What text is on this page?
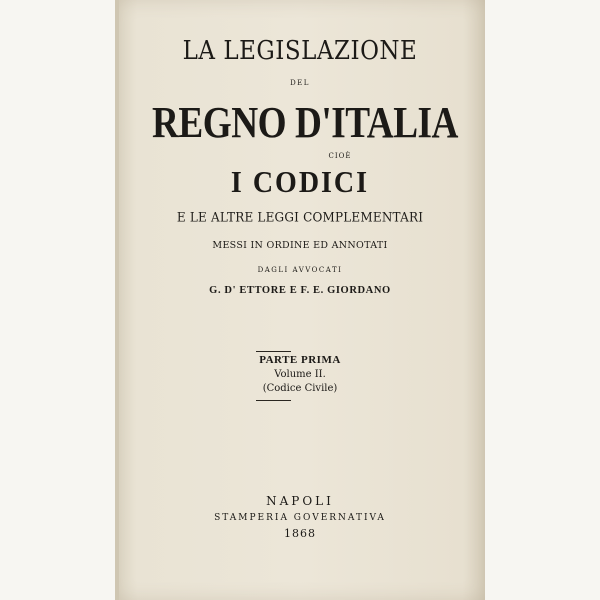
LA LEGISLAZIONE
DEL
REGNO D'ITALIA
CIOÈ
I CODICI
E LE ALTRE LEGGI COMPLEMENTARI
MESSI IN ORDINE ED ANNOTATI
DAGLI AVVOCATI
G. D' ETTORE E F. E. GIORDANO
PARTE PRIMA
Volume II.
(Codice Civile)
NAPOLI
STAMPERIA GOVERNATIVA
1868
